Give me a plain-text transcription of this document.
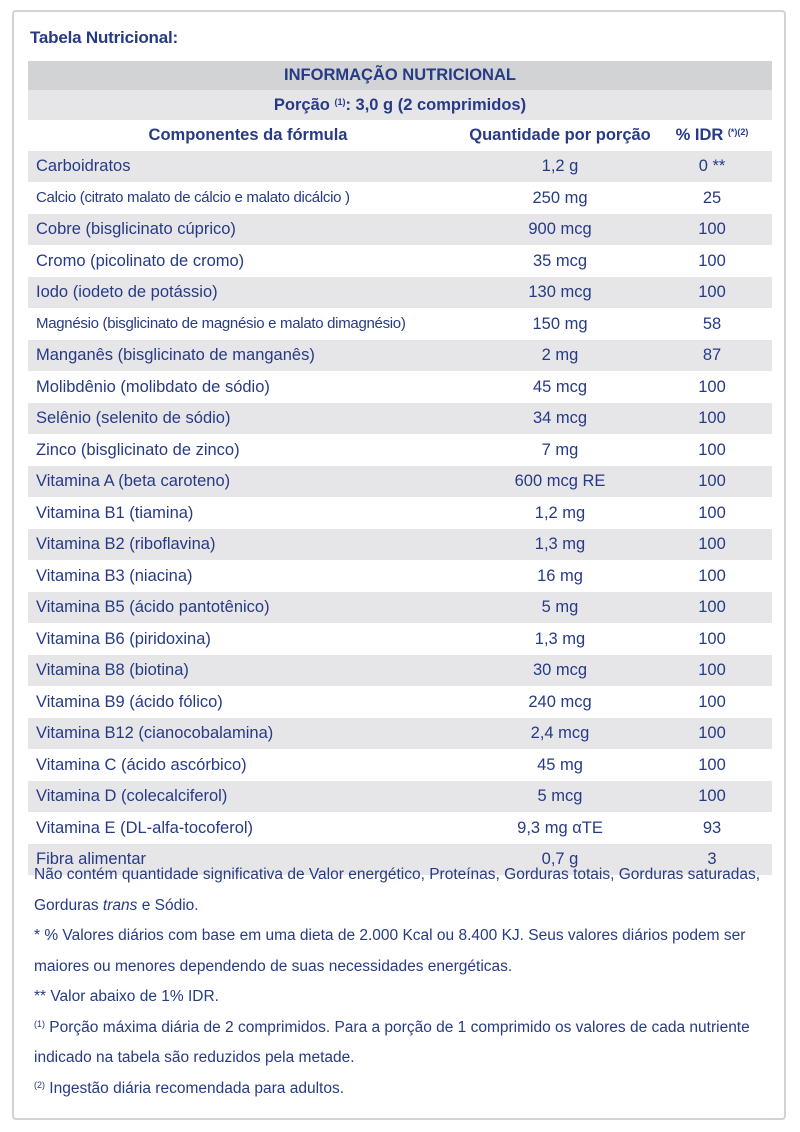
Tabela Nutricional:
INFORMAÇÃO NUTRICIONAL
Porção $^{(1)}$: 3,0 g (2 comprimidos)
Componentes da fórmula	Quantidade por porção	% IDR $^{(*)(2)}$
Carboidratos	1,2 g	0 **
Calcio (citrato malato de cálcio e malato dicálcio )	250 mg	25
Cobre (bisglicinato cúprico)	900 mcg	100
Cromo (picolinato de cromo)	35 mcg	100
Iodo (iodeto de potássio)	130 mcg	100
Magnésio (bisglicinato de magnésio e malato dimagnésio)	150 mg	58
Manganês (bisglicinato de manganês)	2 mg	87
Molibdênio (molibdato de sódio)	45 mcg	100
Selênio (selenito de sódio)	34 mcg	100
Zinco (bisglicinato de zinco)	7 mg	100
Vitamina A (beta caroteno)	600 mcg RE	100
Vitamina B1 (tiamina)	1,2 mg	100
Vitamina B2 (riboflavina)	1,3 mg	100
Vitamina B3 (niacina)	16 mg	100
Vitamina B5 (ácido pantotênico)	5 mg	100
Vitamina B6 (piridoxina)	1,3 mg	100
Vitamina B8 (biotina)	30 mcg	100
Vitamina B9 (ácido fólico)	240 mcg	100
Vitamina B12 (cianocobalamina)	2,4 mcg	100
Vitamina C (ácido ascórbico)	45 mg	100
Vitamina D (colecalciferol)	5 mcg	100
Vitamina E (DL-alfa-tocoferol)	9,3 mg αTE	93
Fibra alimentar	0,7 g	3

Não contém quantidade significativa de Valor energético, Proteínas, Gorduras totais, Gorduras saturadas, Gorduras trans e Sódio.

* % Valores diários com base em uma dieta de 2.000 Kcal ou 8.400 KJ. Seus valores diários podem ser maiores ou menores dependendo de suas necessidades energéticas.

** Valor abaixo de 1% IDR.

$^{(1)}$ Porção máxima diária de 2 comprimidos. Para a porção de 1 comprimido os valores de cada nutriente indicado na tabela são reduzidos pela metade.

$^{(2)}$ Ingestão diária recomendada para adultos.
